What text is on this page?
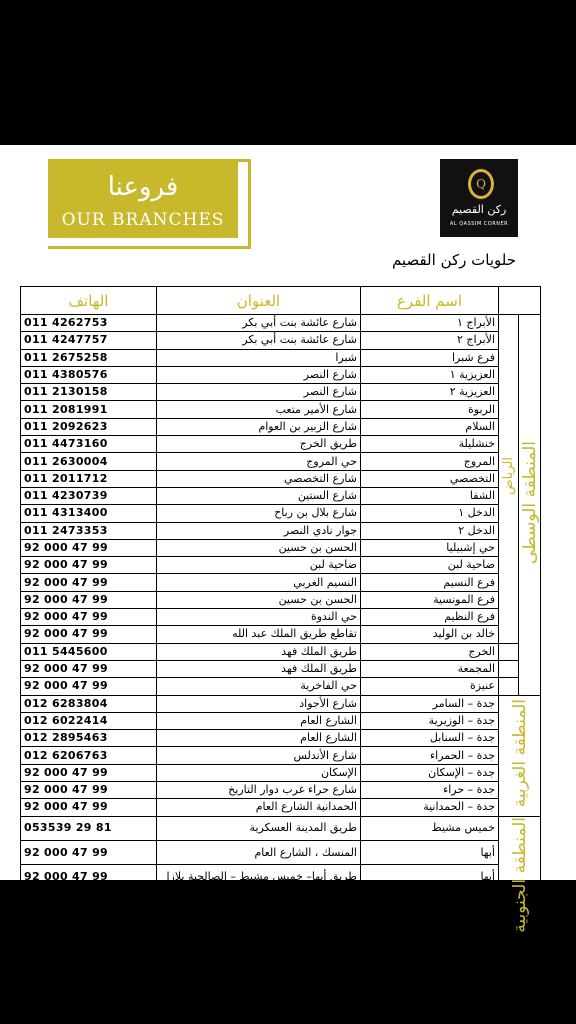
فروعنا
OUR BRANCHES
Q
ركن القصيم
AL QASSIM CORNER
حلويات ركن القصيم
		اسم الفرع	العنوان	الهاتف
المنطقة الوسطى	الرياض	الأبراج ١	شارع عائشة بنت أبي بكر	011 4262753
		الأبراج ٢	شارع عائشة بنت أبي بكر	011 4247757
		فرع شبرا	شبرا	011 2675258
		العزيزية ١	شارع النصر	011 4380576
		العزيزية ٢	شارع النصر	011 2130158
		الربوة	شارع الأمير متعب	011 2081991
		السلام	شارع الزبير بن العوام	011 2092623
		خنشليلة	طريق الخرج	011 4473160
		المروج	حي المروج	011 2630004
		التخصصي	شارع التخصصي	011 2011712
		الشفا	شارع الستين	011 4230739
		الدخل ١	شارع بلال بن رباح	011 4313400
		الدخل ٢	جوار نادي النصر	011 2473353
		حي إشبيليا	الحسن بن حسين	92 000 47 99
		ضاحية لبن	ضاحية لبن	92 000 47 99
		فرع النسيم	النسيم الغربي	92 000 47 99
		فرع المونسية	الحسن بن حسين	92 000 47 99
		فرع النظيم	حي الندوة	92 000 47 99
		خالد بن الوليد	تقاطع طريق الملك عبد الله	92 000 47 99
		الخرج	طريق الملك فهد	011 5445600
		المجمعة	طريق الملك فهد	92 000 47 99
		عنيزة	حي الفاخرية	92 000 47 99
المنطقة الغربية		جدة – السامر	شارع الأجواد	012 6283804
		جدة – الوزيرية	الشارع العام	012 6022414
		جدة – السنابل	الشارع العام	012 2895463
		جدة – الحمراء	شارع الأندلس	012 6206763
		جدة – الإسكان	الإسكان	92 000 47 99
		جدة – حراء	شارع حراء غرب دوار التاريخ	92 000 47 99
		جدة – الحمدانية	الحمدانية الشارع العام	92 000 47 99
المنطقة الجنوبية		خميس مشيط	طريق المدينة العسكرية	053539 29 81
		أبها	المنسك ، الشارع العام	92 000 47 99
		أبها	طريق أبها– خميس مشيط – الصالحية بلازا	92 000 47 99
		بيشة	طريق أبو بكر الصديق	92 000 47 99
		جيزان	طريق المطار	92 000 47 99
